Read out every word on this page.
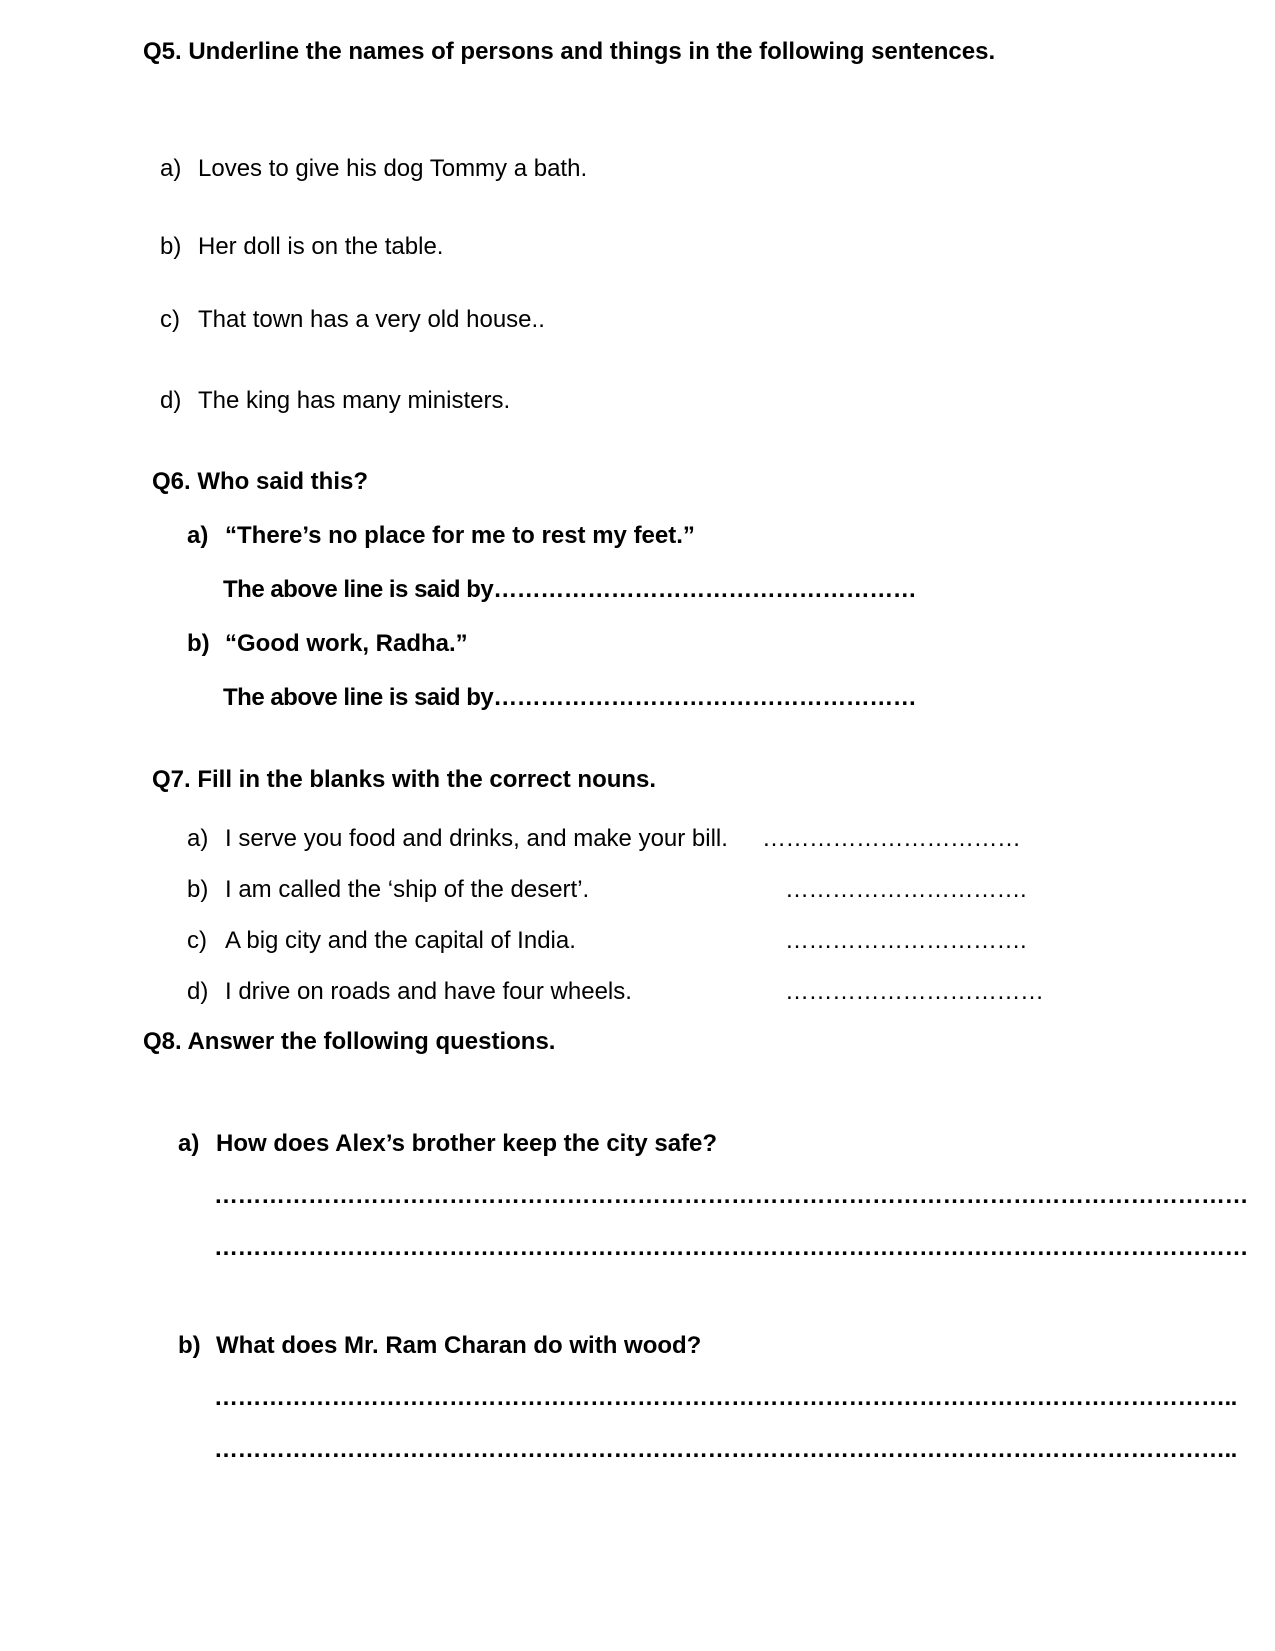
Q5. Underline the names of persons and things in the following sentences.
a) Loves to give his dog Tommy a bath.
b) Her doll is on the table.
c) That town has a very old house..
d) The king has many ministers.
Q6. Who said this?
a) “There’s no place for me to rest my feet.”
The above line is said by………………………………………………
b) “Good work, Radha.”
The above line is said by………………………………………………
Q7. Fill in the blanks with the correct nouns.
a) I serve you food and drinks, and make your bill. ……………………………
b) I am called the ‘ship of the desert’.	………………………….
c) A big city and the capital of India.	………………………….
d) I drive on roads and have four wheels.	……………………………
Q8. Answer the following questions.
a) How does Alex’s brother keep the city safe?
……………………………………………………………………………………………………………………
……………………………………………………………………………………………………………………
b) What does Mr. Ram Charan do with wood?
…………………………………………………………………………………………………………………..
…………………………………………………………………………………………………………………..
